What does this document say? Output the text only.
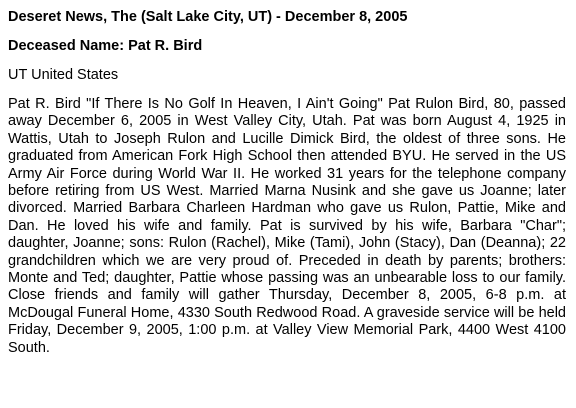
Deseret News, The (Salt Lake City, UT) - December 8, 2005

Deceased Name: Pat R. Bird

UT United States

Pat R. Bird "If There Is No Golf In Heaven, I Ain't Going" Pat Rulon Bird, 80, passed away December 6, 2005 in West Valley City, Utah. Pat was born August 4, 1925 in Wattis, Utah to Joseph Rulon and Lucille Dimick Bird, the oldest of three sons. He graduated from American Fork High School then attended BYU. He served in the US Army Air Force during World War II. He worked 31 years for the telephone company before retiring from US West. Married Marna Nusink and she gave us Joanne; later divorced. Married Barbara Charleen Hardman who gave us Rulon, Pattie, Mike and Dan. He loved his wife and family. Pat is survived by his wife, Barbara "Char"; daughter, Joanne; sons: Rulon (Rachel), Mike (Tami), John (Stacy), Dan (Deanna); 22 grandchildren which we are very proud of. Preceded in death by parents; brothers: Monte and Ted; daughter, Pattie whose passing was an unbearable loss to our family. Close friends and family will gather Thursday, December 8, 2005, 6-8 p.m. at McDougal Funeral Home, 4330 South Redwood Road. A graveside service will be held Friday, December 9, 2005, 1:00 p.m. at Valley View Memorial Park, 4400 West 4100 South.
